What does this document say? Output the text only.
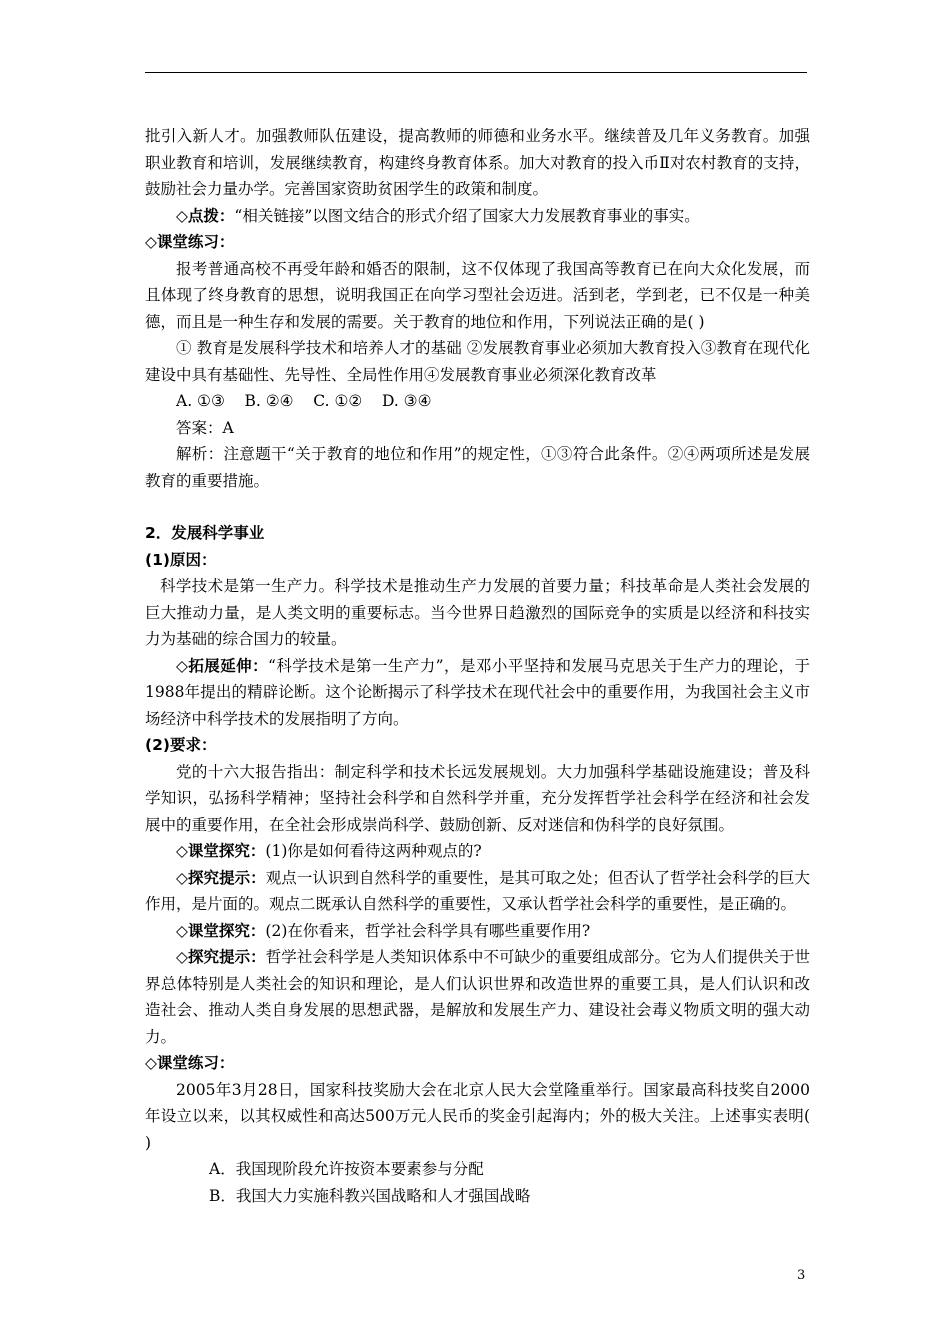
批引入新人才。加强教师队伍建设，提高教师的师德和业务水平。继续普及几年义务教育。加强职业教育和培训，发展继续教育，构建终身教育体系。加大对教育的投入币Ⅱ对农村教育的支持，鼓励社会力量办学。完善国家资助贫困学生的政策和制度。

◇点拨：“相关链接”以图文结合的形式介绍了国家大力发展教育事业的事实。

◇课堂练习：

报考普通高校不再受年龄和婚否的限制，这不仅体现了我国高等教育已在向大众化发展，而且体现了终身教育的思想，说明我国正在向学习型社会迈进。活到老，学到老，已不仅是一种美德，而且是一种生存和发展的需要。关于教育的地位和作用，下列说法正确的是( )

① 教育是发展科学技术和培养人才的基础 ②发展教育事业必须加大教育投入③教育在现代化建设中具有基础性、先导性、全局性作用④发展教育事业必须深化教育改革

A. ①③    B. ②④    C. ①②    D. ③④

答案：A

解析：注意题干“关于教育的地位和作用”的规定性，①③符合此条件。②④两项所述是发展教育的重要措施。

2．发展科学事业

(1)原因：

科学技术是第一生产力。科学技术是推动生产力发展的首要力量；科技革命是人类社会发展的巨大推动力量，是人类文明的重要标志。当今世界日趋激烈的国际竞争的实质是以经济和科技实力为基础的综合国力的较量。

◇拓展延伸：“科学技术是第一生产力”，是邓小平坚持和发展马克思关于生产力的理论，于1988年提出的精辟论断。这个论断揭示了科学技术在现代社会中的重要作用，为我国社会主义市场经济中科学技术的发展指明了方向。

(2)要求：

党的十六大报告指出：制定科学和技术长远发展规划。大力加强科学基础设施建设；普及科学知识，弘扬科学精神；坚持社会科学和自然科学并重，充分发挥哲学社会科学在经济和社会发展中的重要作用，在全社会形成崇尚科学、鼓励创新、反对迷信和伪科学的良好氛围。

◇课堂探究：(1)你是如何看待这两种观点的?

◇探究提示：观点一认识到自然科学的重要性，是其可取之处；但否认了哲学社会科学的巨大作用，是片面的。观点二既承认自然科学的重要性，又承认哲学社会科学的重要性，是正确的。

◇课堂探究：(2)在你看来，哲学社会科学具有哪些重要作用?

◇探究提示：哲学社会科学是人类知识体系中不可缺少的重要组成部分。它为人们提供关于世界总体特别是人类社会的知识和理论，是人们认识世界和改造世界的重要工具，是人们认识和改造社会、推动人类自身发展的思想武器，是解放和发展生产力、建设社会毒义物质文明的强大动力。

◇课堂练习：

2005年3月28日，国家科技奖励大会在北京人民大会堂隆重举行。国家最高科技奖自2000年设立以来，以其权威性和高达500万元人民币的奖金引起海内；外的极大关注。上述事实表明( )

A．我国现阶段允许按资本要素参与分配

B．我国大力实施科教兴国战略和人才强国战略

3
